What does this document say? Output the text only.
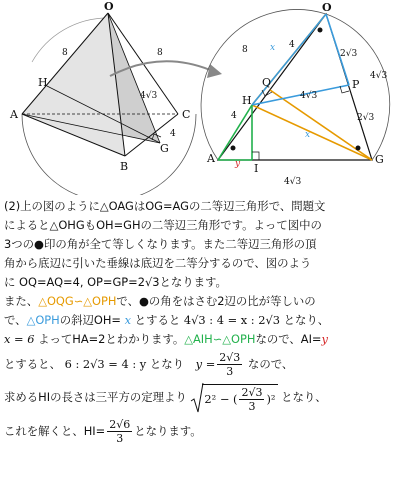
O
H
A
B
C
G
8	8
4√3
4
O
Q	P
H
A
I
G
x
x
8	4
4
4√3
4√3
2√3
2√3
4√3
y
(2)上の図のように△OAGはOG=AGの二等辺三角形で、問題文
によると△OHGもOH=GHの二等辺三角形です。よって図中の
3つの●印の角が全て等しくなります。また二等辺三角形の頂
角から底辺に引いた垂線は底辺を二等分するので、図のよう
に OQ=AQ=4, OP=GP=2√3となります。
また、△OQG∽△OPHで、●の角をはさむ2辺の比が等しいの
で、△OPHの斜辺OH= x とすると 4√3 : 4 = x : 2√3 となり、
x = 6 よってHA=2とわかります。△AIH∽△OPHなので、AI=y
とすると、 6 : 2√3 = 4 : y となり $y = \frac{2√3}{3}$ なので、
求めるHIの長さは三平方の定理より 2² − ( $\frac{2√3}{3} )^2$ となり、
これを解くと、$HI= \frac{2√6}{3}$ となります。
